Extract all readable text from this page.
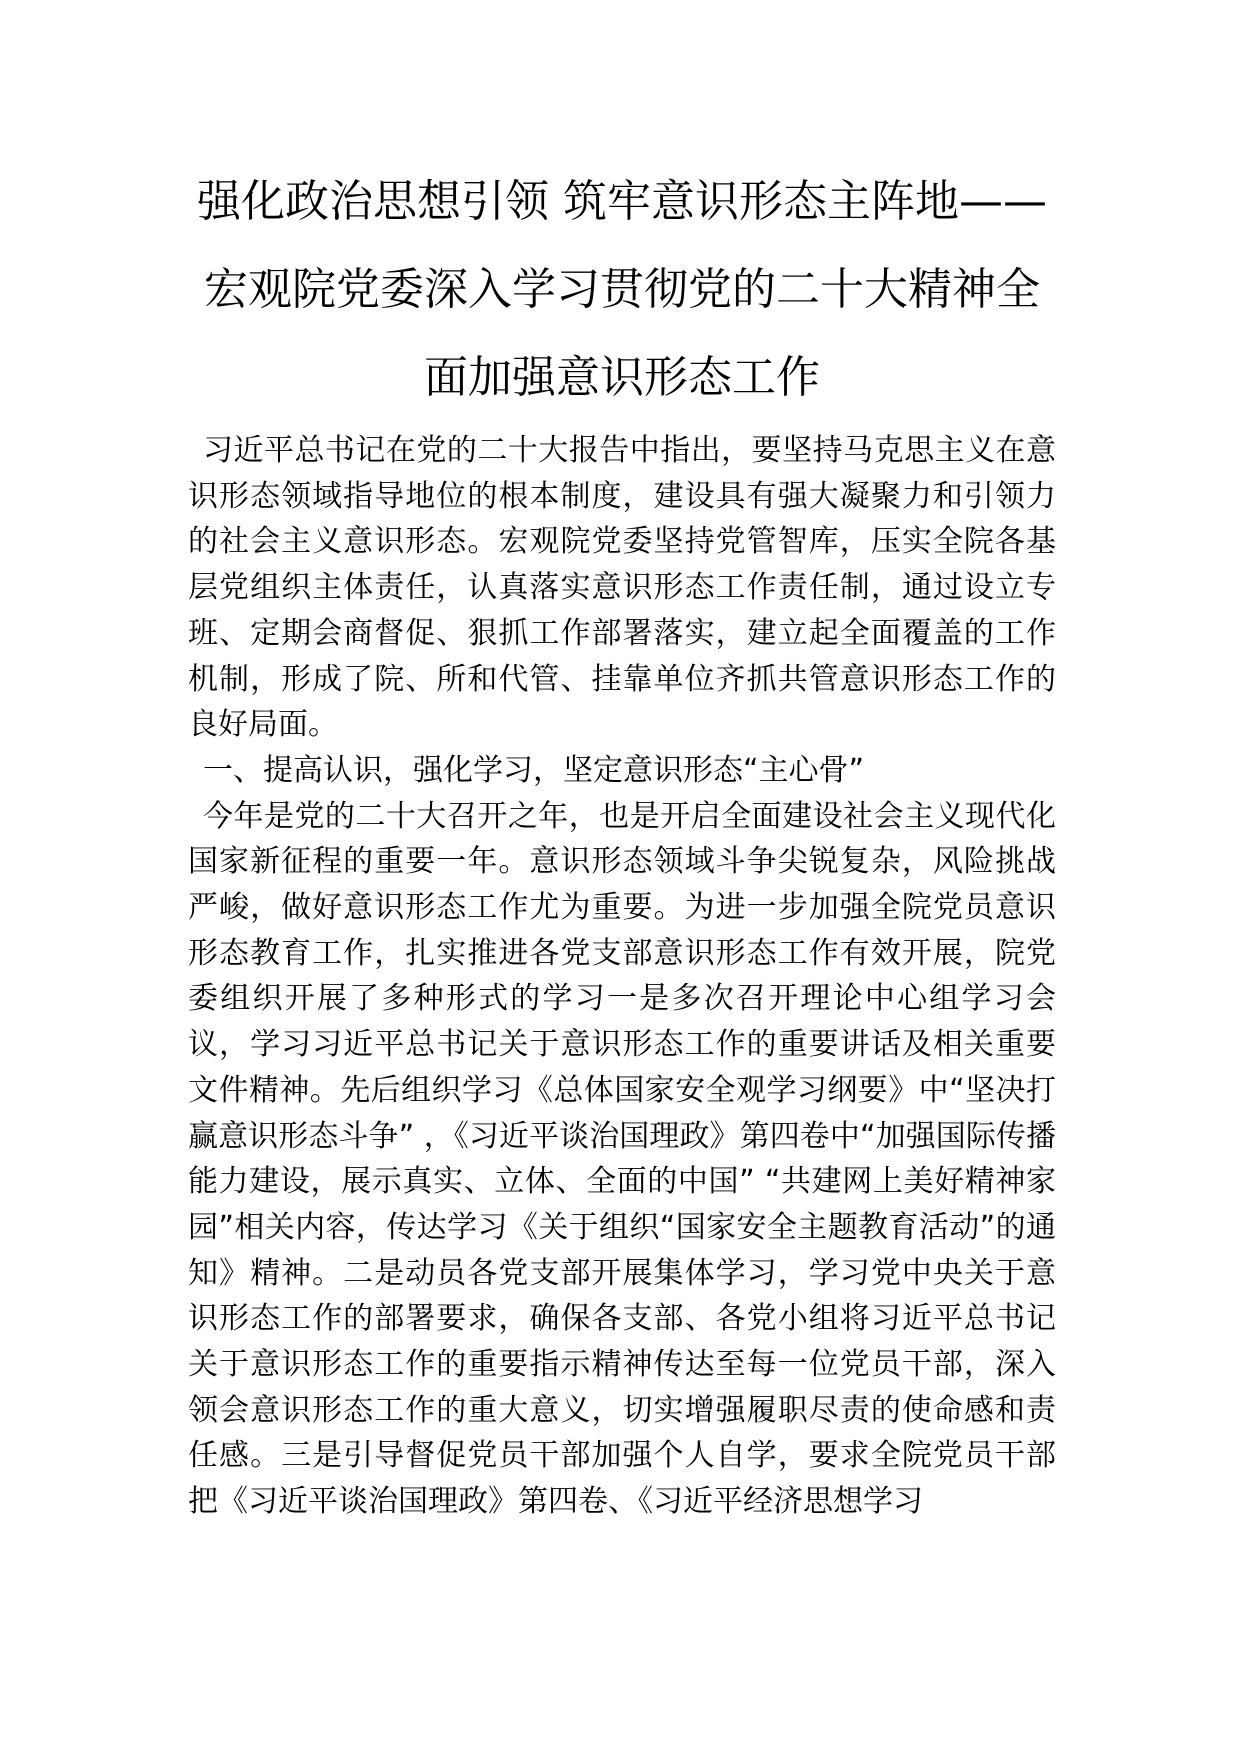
强化政治思想引领 筑牢意识形态主阵地——宏观院党委深入学习贯彻党的二十大精神全面加强意识形态工作

习近平总书记在党的二十大报告中指出，要坚持马克思主义在意识形态领域指导地位的根本制度，建设具有强大凝聚力和引领力的社会主义意识形态。宏观院党委坚持党管智库，压实全院各基层党组织主体责任，认真落实意识形态工作责任制，通过设立专班、定期会商督促、狠抓工作部署落实，建立起全面覆盖的工作机制，形成了院、所和代管、挂靠单位齐抓共管意识形态工作的良好局面。

一、提高认识，强化学习，坚定意识形态“主心骨”

今年是党的二十大召开之年，也是开启全面建设社会主义现代化国家新征程的重要一年。意识形态领域斗争尖锐复杂，风险挑战严峻，做好意识形态工作尤为重要。为进一步加强全院党员意识形态教育工作，扎实推进各党支部意识形态工作有效开展，院党委组织开展了多种形式的学习一是多次召开理论中心组学习会议，学习习近平总书记关于意识形态工作的重要讲话及相关重要文件精神。先后组织学习《总体国家安全观学习纲要》中“坚决打赢意识形态斗争” ，《习近平谈治国理政》第四卷中“加强国际传播能力建设，展示真实、立体、全面的中国” “共建网上美好精神家园”相关内容，传达学习《关于组织“国家安全主题教育活动”的通知》精神。二是动员各党支部开展集体学习，学习党中央关于意识形态工作的部署要求，确保各支部、各党小组将习近平总书记关于意识形态工作的重要指示精神传达至每一位党员干部，深入领会意识形态工作的重大意义，切实增强履职尽责的使命感和责任感。三是引导督促党员干部加强个人自学，要求全院党员干部把《习近平谈治国理政》第四卷、《习近平经济思想学习
